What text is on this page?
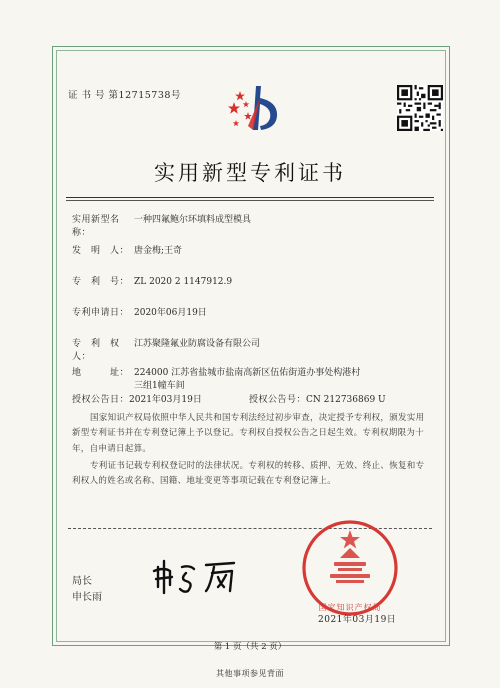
证 书 号 第12715738号
实用新型专利证书
实用新型名称：一种四氟鲍尔环填料成型模具
发　明　人： 唐金梅;王奇
专　利　号： ZL 2020 2 1147912.9
专利申请日： 2020年06月19日
专　利　权　人：江苏聚隆氟业防腐设备有限公司
地　　　址： 224000 江苏省盐城市盐南高新区伍佑街道办事处构港村
三组1幢车间
授权公告日：2021年03月19日	授权公告号：CN 212736869 U
国家知识产权局依照中华人民共和国专利法经过初步审查，决定授予专利权，颁发实用新型专利证书并在专利登记簿上予以登记。专利权自授权公告之日起生效。专利权期限为十年，自申请日起算。
专利证书记载专利权登记时的法律状况。专利权的转移、质押、无效、终止、恢复和专利权人的姓名或名称、国籍、地址变更等事项记载在专利登记簿上。
局长
申长雨
国家知识产权局
2021年03月19日
第 1 页（共 2 页）
其他事项参见背面
